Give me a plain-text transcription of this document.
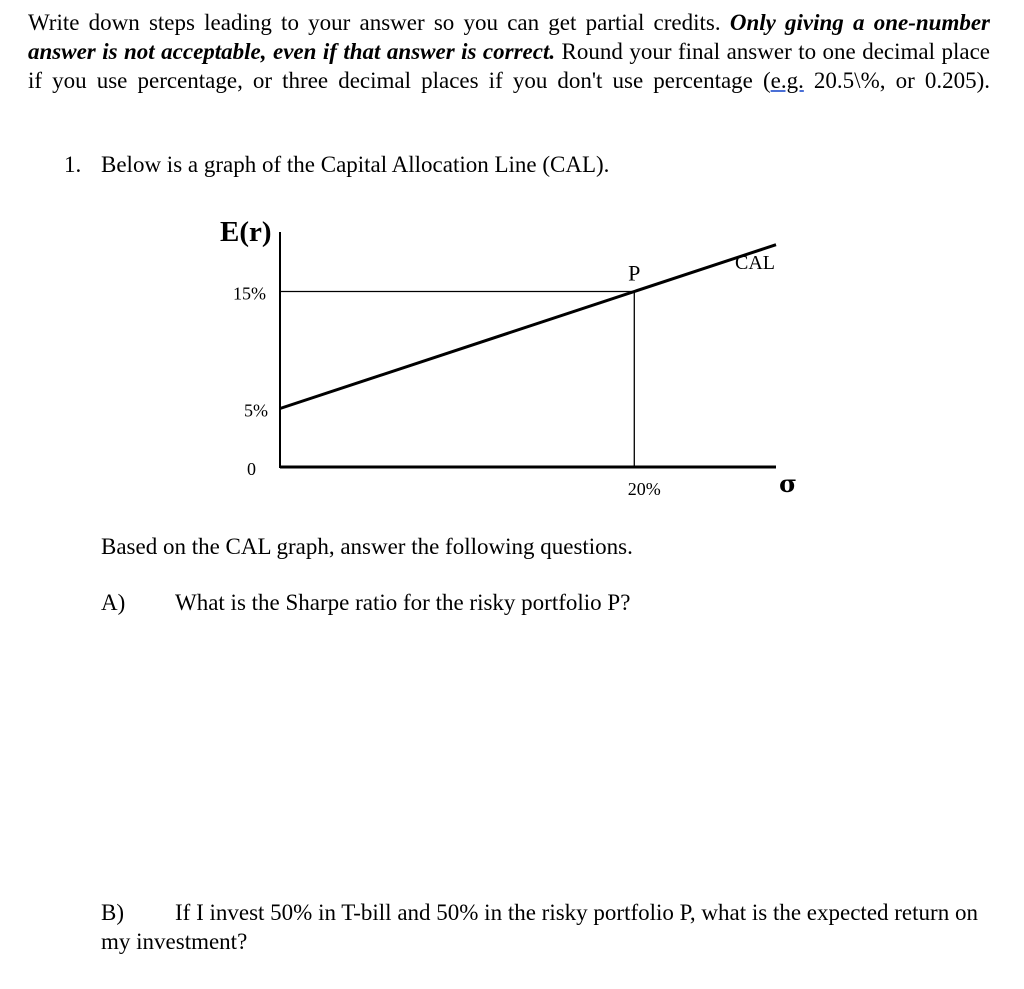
Write down steps leading to your answer so you can get partial credits. Only giving a one-number answer is not acceptable, even if that answer is correct. Round your final answer to one decimal place if you use percentage, or three decimal places if you don't use percentage (e.g. 20.5\%, or 0.205).

1. Below is a graph of the Capital Allocation Line (CAL).

E(r)
15%
5%
0
20%	σ
P	CAL

Based on the CAL graph, answer the following questions.

A) What is the Sharpe ratio for the risky portfolio P?

B) If I invest 50% in T-bill and 50% in the risky portfolio P, what is the expected return on my investment?
